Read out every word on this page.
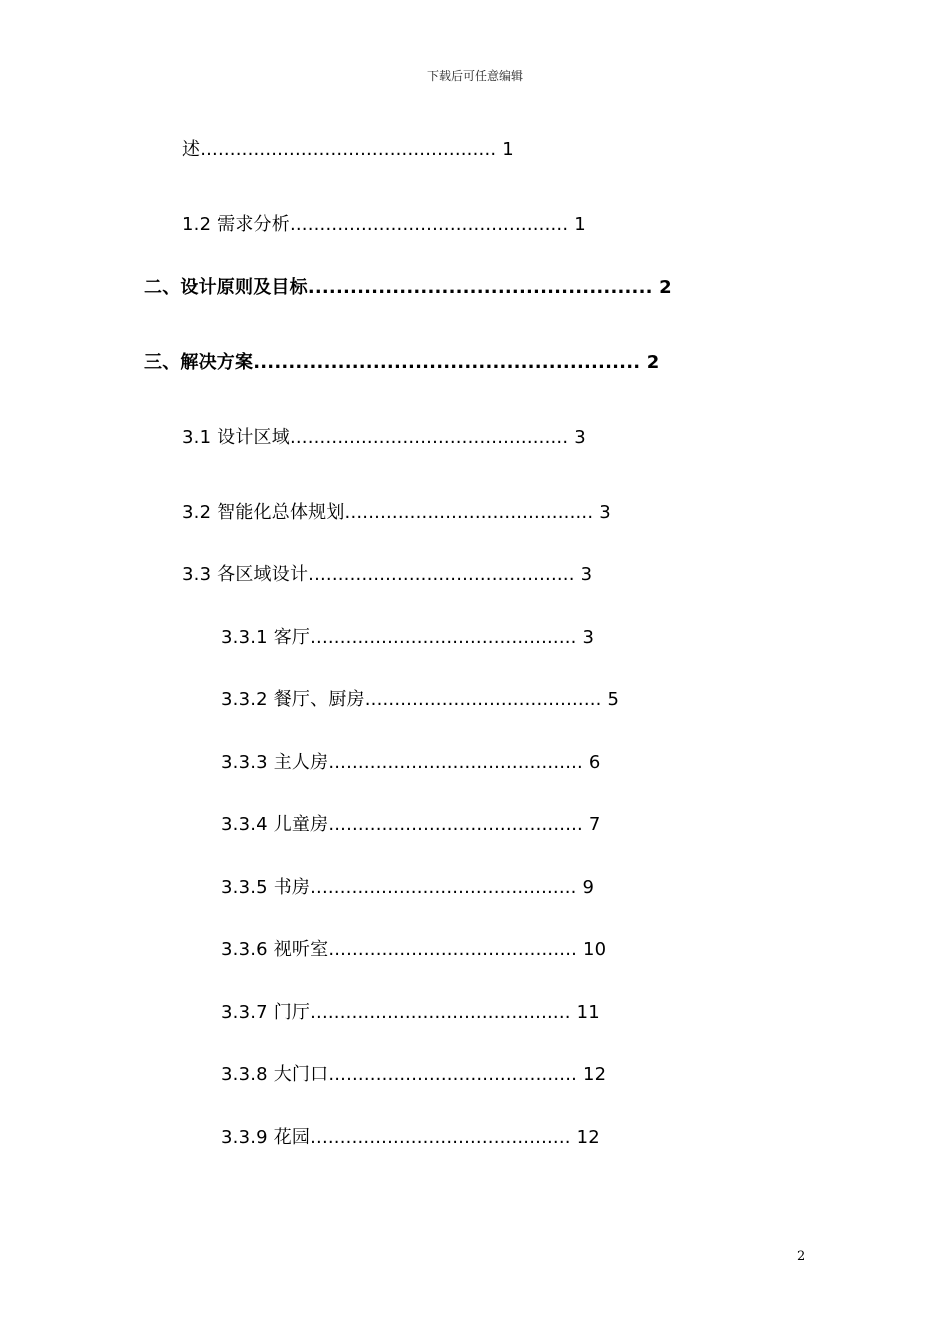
下载后可任意编辑
述.................................................. 1
1.2 需求分析............................................... 1
二、设计原则及目标................................................. 2
三、解决方案....................................................... 2
3.1 设计区域............................................... 3
3.2 智能化总体规划.......................................... 3
3.3 各区域设计............................................. 3
3.3.1 客厅............................................. 3
3.3.2 餐厅、厨房........................................ 5
3.3.3 主人房........................................... 6
3.3.4 儿童房........................................... 7
3.3.5 书房............................................. 9
3.3.6 视听室.......................................... 10
3.3.7 门厅............................................ 11
3.3.8 大门口.......................................... 12
3.3.9 花园............................................ 12
2
